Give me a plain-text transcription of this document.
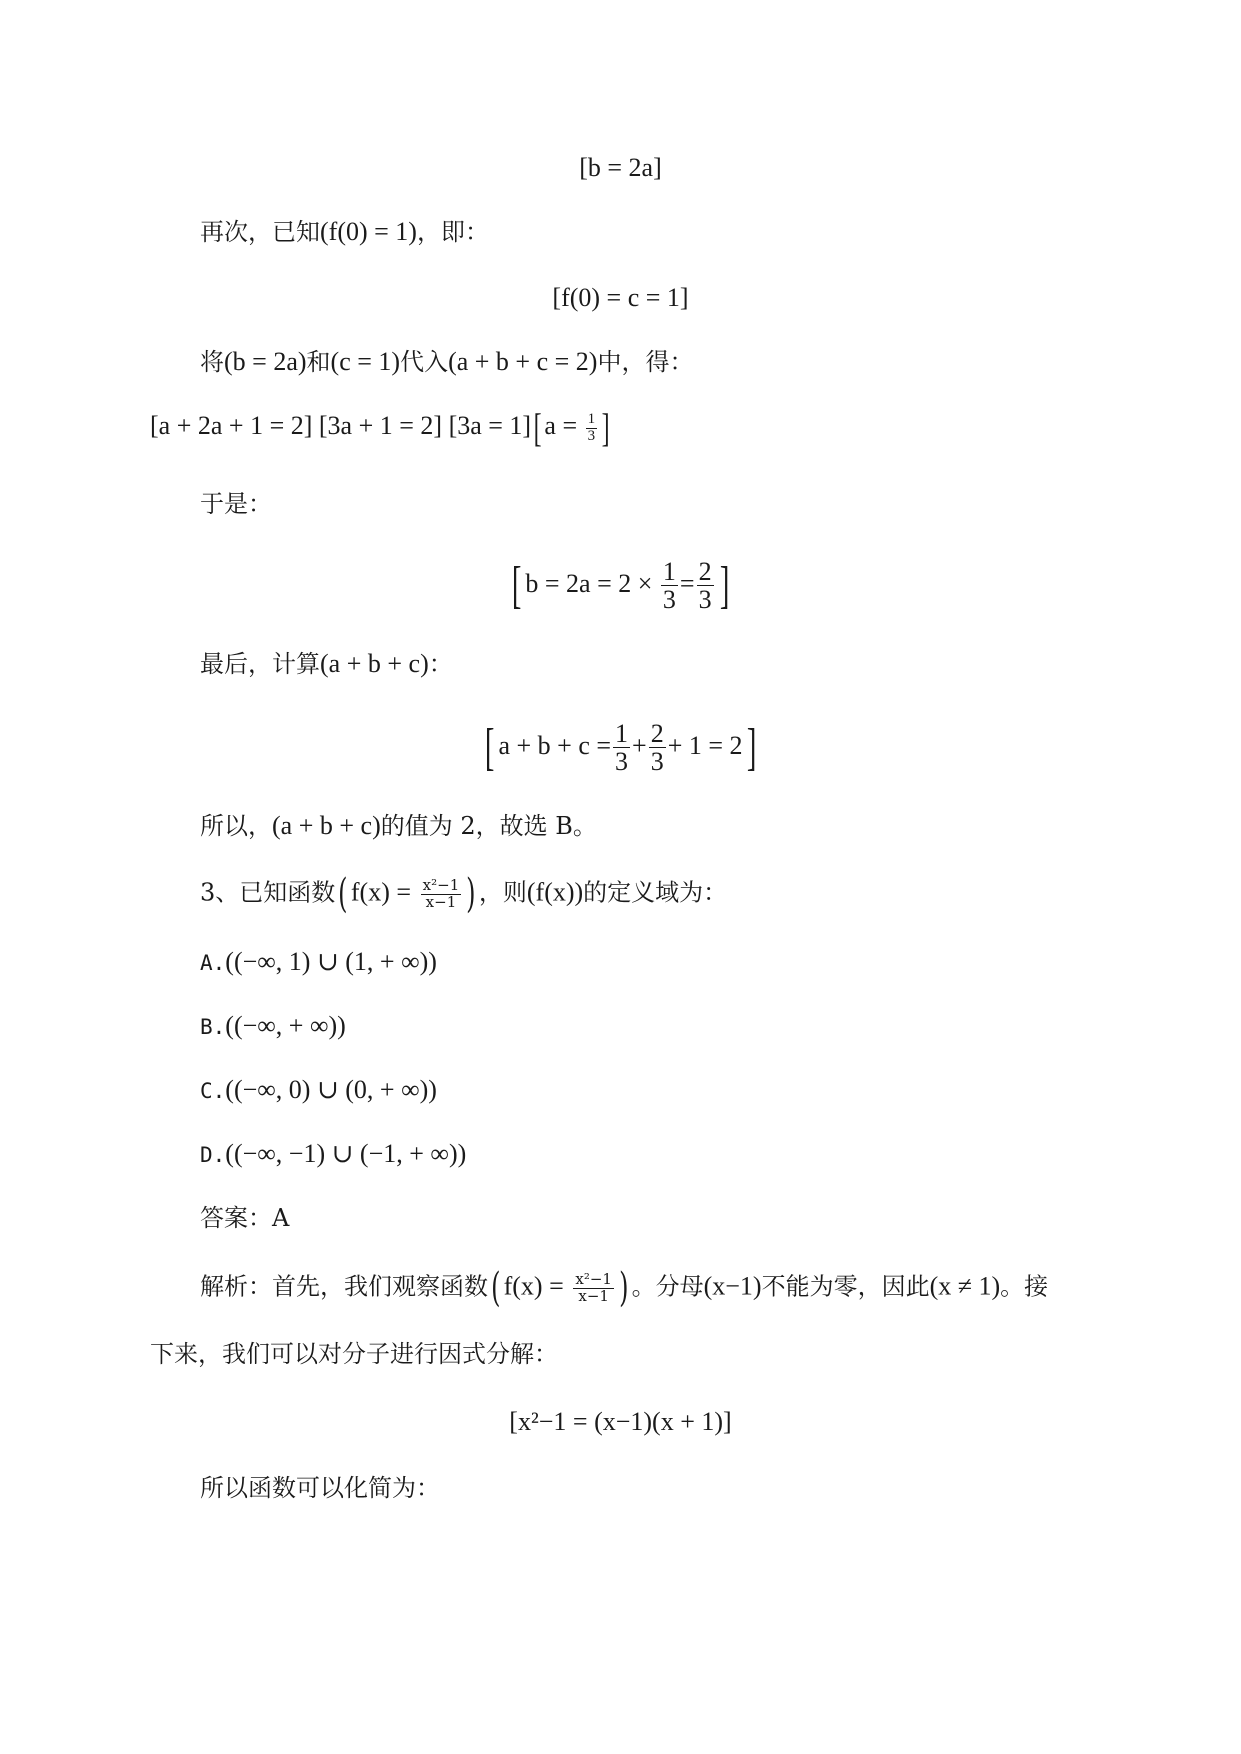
[b = 2a]
再次，已知(f(0) = 1)，即：
[f(0) = c = 1]
将(b = 2a)和(c = 1)代入(a + b + c = 2)中，得：
[a + 2a + 1 = 2] [3a + 1 = 2] [3a = 1][ $a = \frac{1}{3}$ ]
于是：
[ $b = 2a = 2 \times \frac{1}{3} = \frac{2}{3}$ ]
最后，计算(a + b + c)：
[ $a + b + c = \frac{1}{3} + \frac{2}{3} + 1 = 2$]
所以，(a + b + c)的值为 2，故选 B。
3、已知函数( $f(x) = \frac{\text{x²−1}}{x-1}$ ) ，则(f(x))的定义域为：
A.((−∞, 1) ∪ (1, + ∞))
B.((−∞, + ∞))
C.((−∞, 0) ∪ (0, + ∞))
D.((−∞, −1) ∪ (−1, + ∞))
答案：A
解析：首先，我们观察函数( $f(x) = \frac{\text{x²−1}}{x-1}$ ) 。分母(x−1)不能为零，因此(x ≠ 1)。接
下来，我们可以对分子进行因式分解：
[x²−1 = (x−1)(x + 1)]
所以函数可以化简为：
